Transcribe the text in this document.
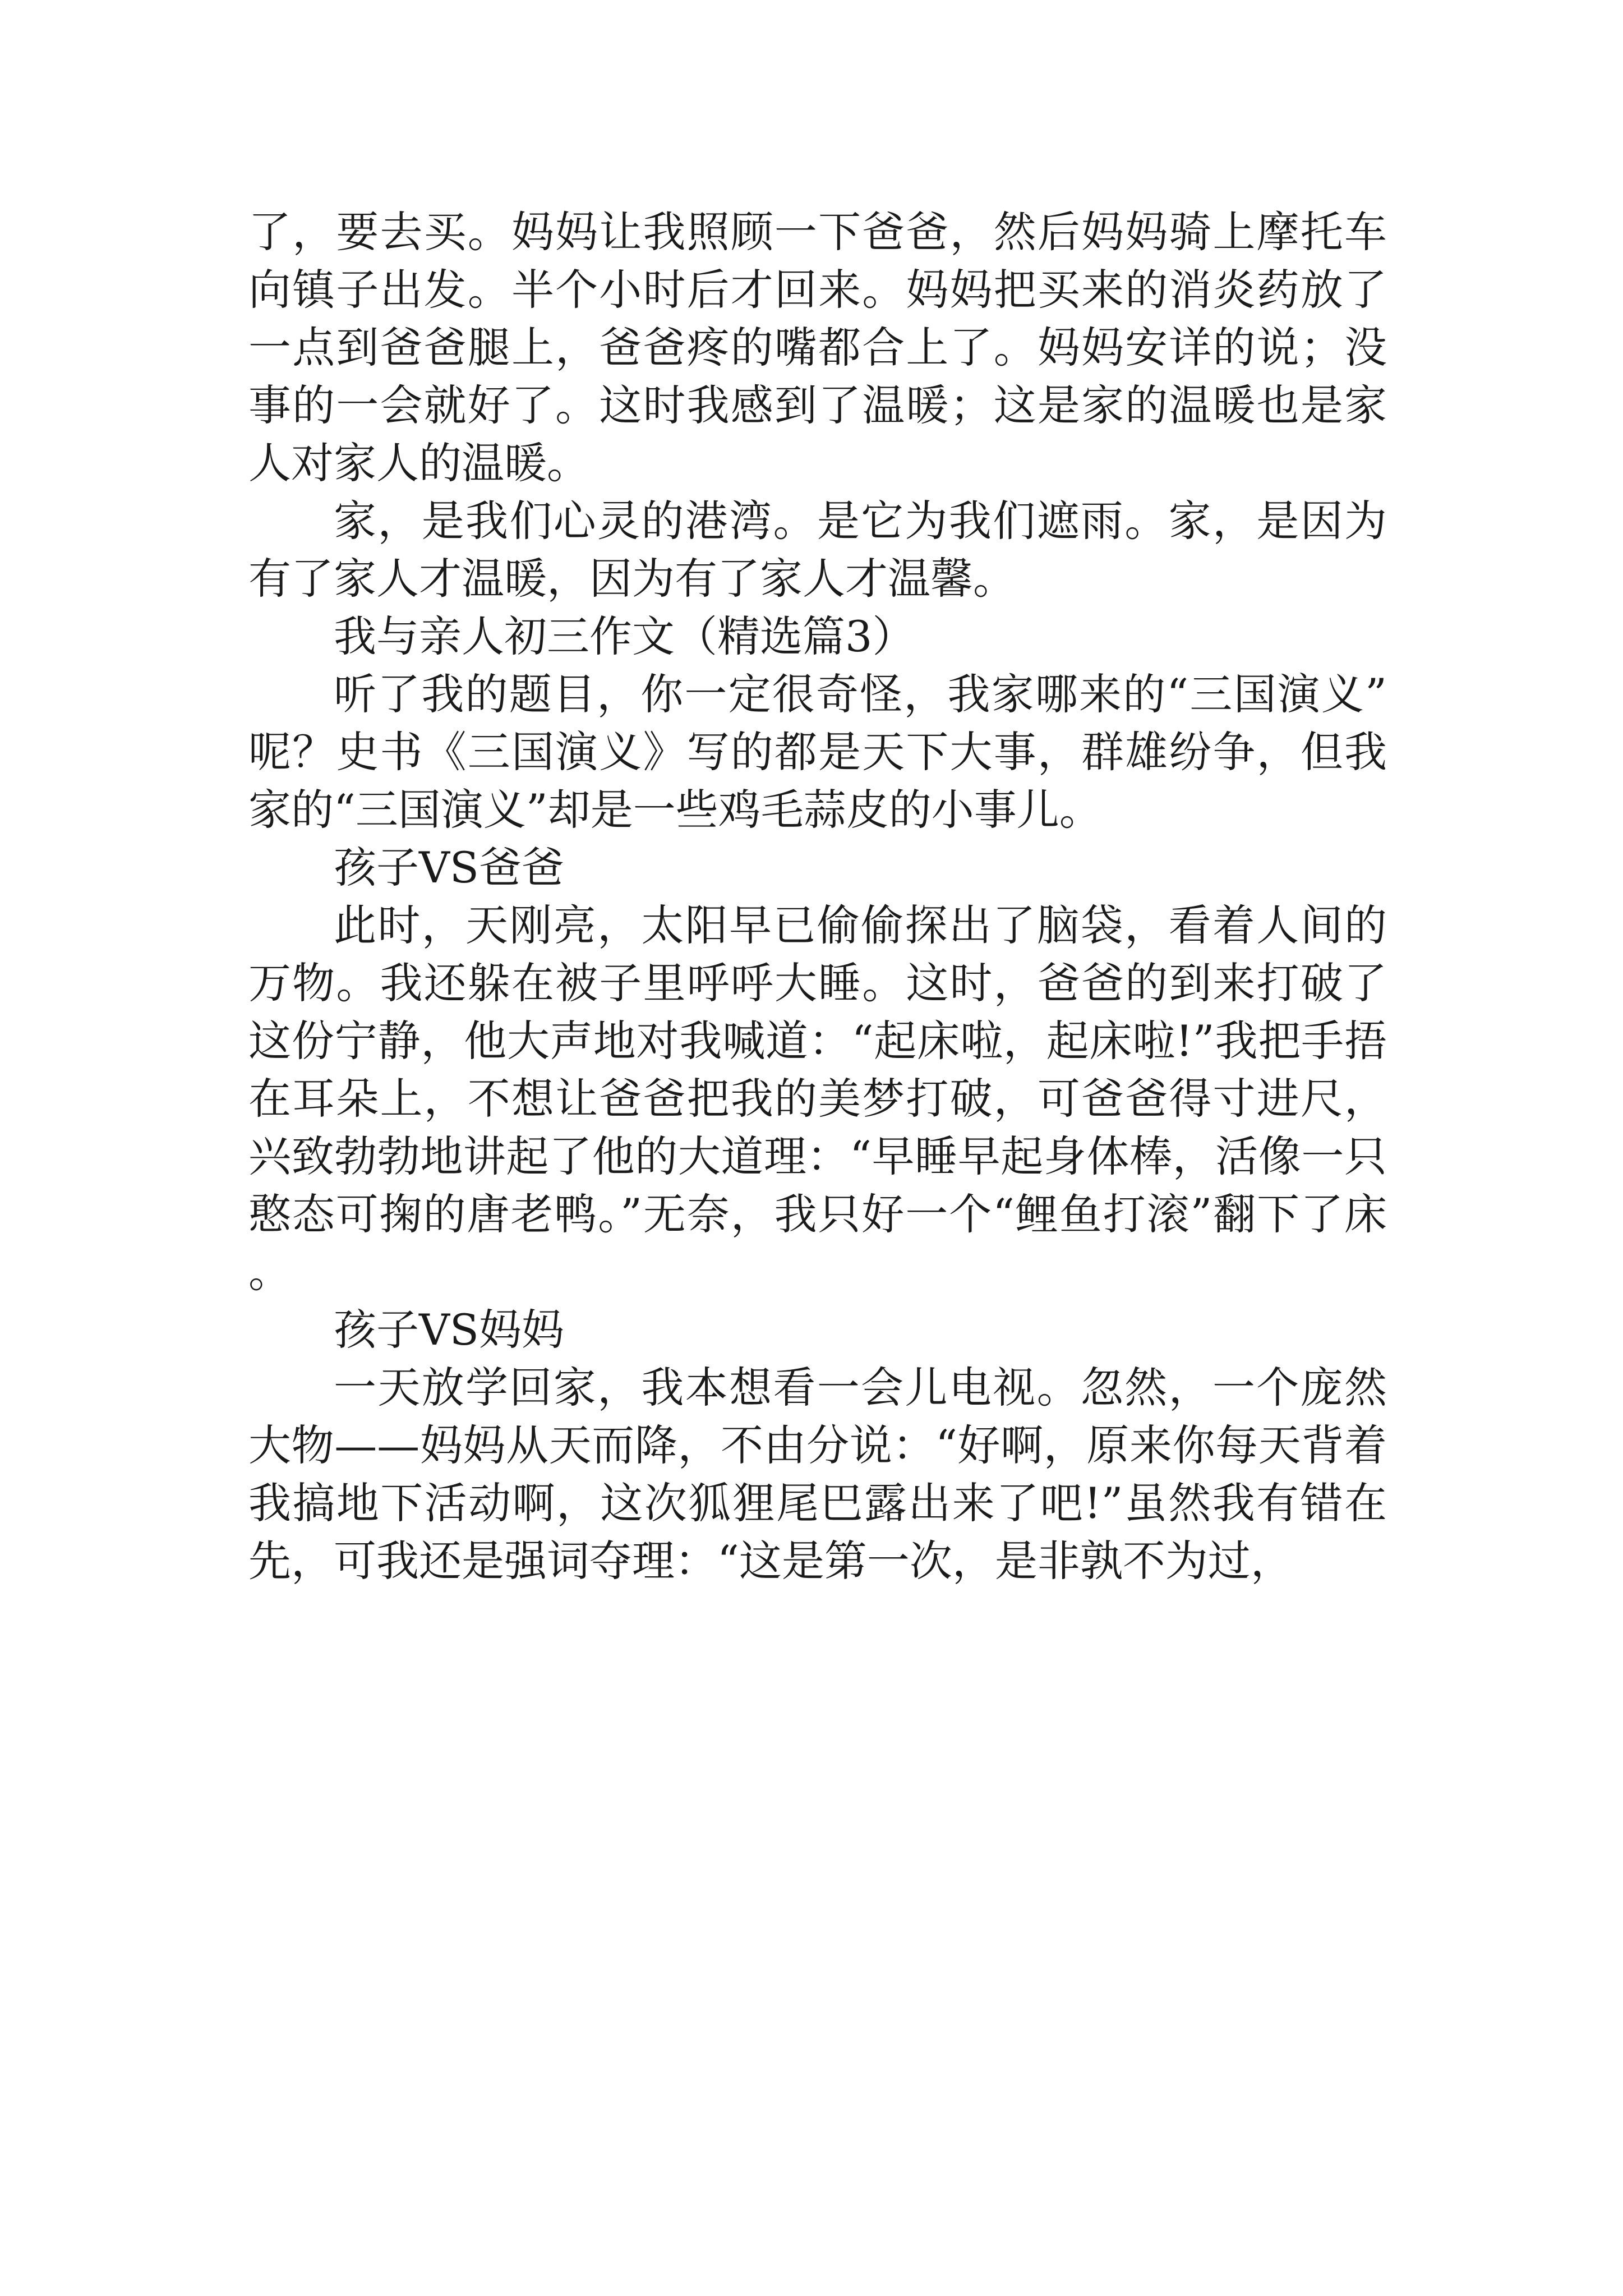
了，要去买。妈妈让我照顾一下爸爸，然后妈妈骑上摩托车向镇子出发。半个小时后才回来。妈妈把买来的消炎药放了一点到爸爸腿上，爸爸疼的嘴都合上了。妈妈安详的说；没事的一会就好了。这时我感到了温暖；这是家的温暖也是家人对家人的温暖。

家，是我们心灵的港湾。是它为我们遮雨。家，是因为有了家人才温暖，因为有了家人才温馨。

我与亲人初三作文（精选篇3）

听了我的题目，你一定很奇怪，我家哪来的“三国演义”呢？史书《三国演义》写的都是天下大事，群雄纷争，但我家的“三国演义”却是一些鸡毛蒜皮的小事儿。

孩子VS爸爸

此时，天刚亮，太阳早已偷偷探出了脑袋，看着人间的万物。我还躲在被子里呼呼大睡。这时，爸爸的到来打破了这份宁静，他大声地对我喊道：“起床啦，起床啦!”我把手捂在耳朵上，不想让爸爸把我的美梦打破，可爸爸得寸进尺，兴致勃勃地讲起了他的大道理：“早睡早起身体棒，活像一只憨态可掬的唐老鸭。”无奈，我只好一个“鲤鱼打滚”翻下了床。

孩子VS妈妈

一天放学回家，我本想看一会儿电视。忽然，一个庞然大物——妈妈从天而降，不由分说：“好啊，原来你每天背着我搞地下活动啊，这次狐狸尾巴露出来了吧!”虽然我有错在先，可我还是强词夺理：“这是第一次，是非孰不为过，
